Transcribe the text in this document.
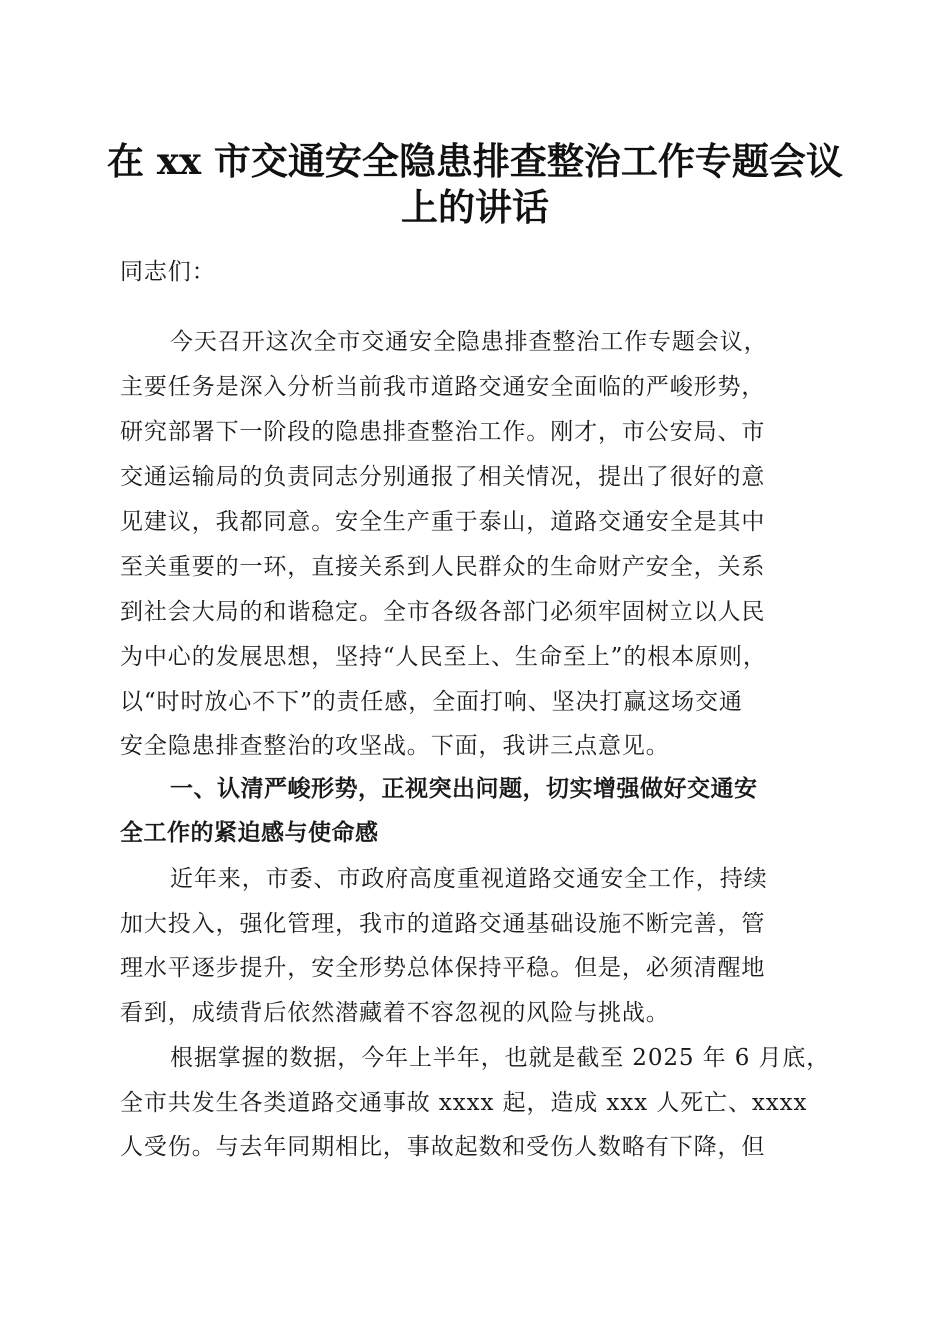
在 xx 市交通安全隐患排查整治工作专题会议
上的讲话
同志们：
今天召开这次全市交通安全隐患排查整治工作专题会议，
主要任务是深入分析当前我市道路交通安全面临的严峻形势，
研究部署下一阶段的隐患排查整治工作。刚才，市公安局、市
交通运输局的负责同志分别通报了相关情况，提出了很好的意
见建议，我都同意。安全生产重于泰山，道路交通安全是其中
至关重要的一环，直接关系到人民群众的生命财产安全，关系
到社会大局的和谐稳定。全市各级各部门必须牢固树立以人民
为中心的发展思想，坚持“人民至上、生命至上”的根本原则，
以“时时放心不下”的责任感，全面打响、坚决打赢这场交通
安全隐患排查整治的攻坚战。下面，我讲三点意见。
一、认清严峻形势，正视突出问题，切实增强做好交通安
全工作的紧迫感与使命感
近年来，市委、市政府高度重视道路交通安全工作，持续
加大投入，强化管理，我市的道路交通基础设施不断完善，管
理水平逐步提升，安全形势总体保持平稳。但是，必须清醒地
看到，成绩背后依然潜藏着不容忽视的风险与挑战。
根据掌握的数据，今年上半年，也就是截至 2025 年 6 月底，
全市共发生各类道路交通事故 xxxx 起，造成 xxx 人死亡、xxxx
人受伤。与去年同期相比，事故起数和受伤人数略有下降，但
